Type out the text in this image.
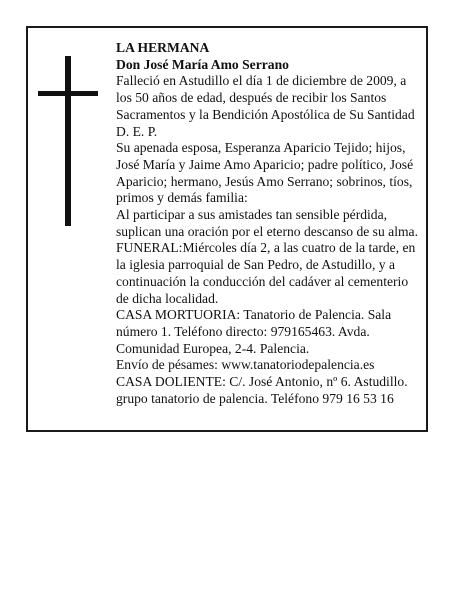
LA HERMANA

Don José María Amo Serrano

Falleció en Astudillo el día 1 de diciembre de 2009, a los 50 años de edad, después de recibir los Santos Sacramentos y la Bendición Apostólica de Su Santidad D. E. P.

Su apenada esposa, Esperanza Aparicio Tejido; hijos, José María y Jaime Amo Aparicio; padre político, José Aparicio; hermano, Jesús Amo Serrano; sobrinos, tíos, primos y demás familia:

Al participar a sus amistades tan sensible pérdida, suplican una oración por el eterno descanso de su alma.

FUNERAL:Miércoles día 2, a las cuatro de la tarde, en la iglesia parroquial de San Pedro, de Astudillo, y a continuación la conducción del cadáver al cementerio de dicha localidad.

CASA MORTUORIA: Tanatorio de Palencia. Sala número 1. Teléfono directo: 979165463. Avda. Comunidad Europea, 2-4. Palencia.

Envío de pésames: www.tanatoriodepalencia.es

CASA DOLIENTE: C/. José Antonio, nº 6. Astudillo. grupo tanatorio de palencia. Teléfono 979 16 53 16
